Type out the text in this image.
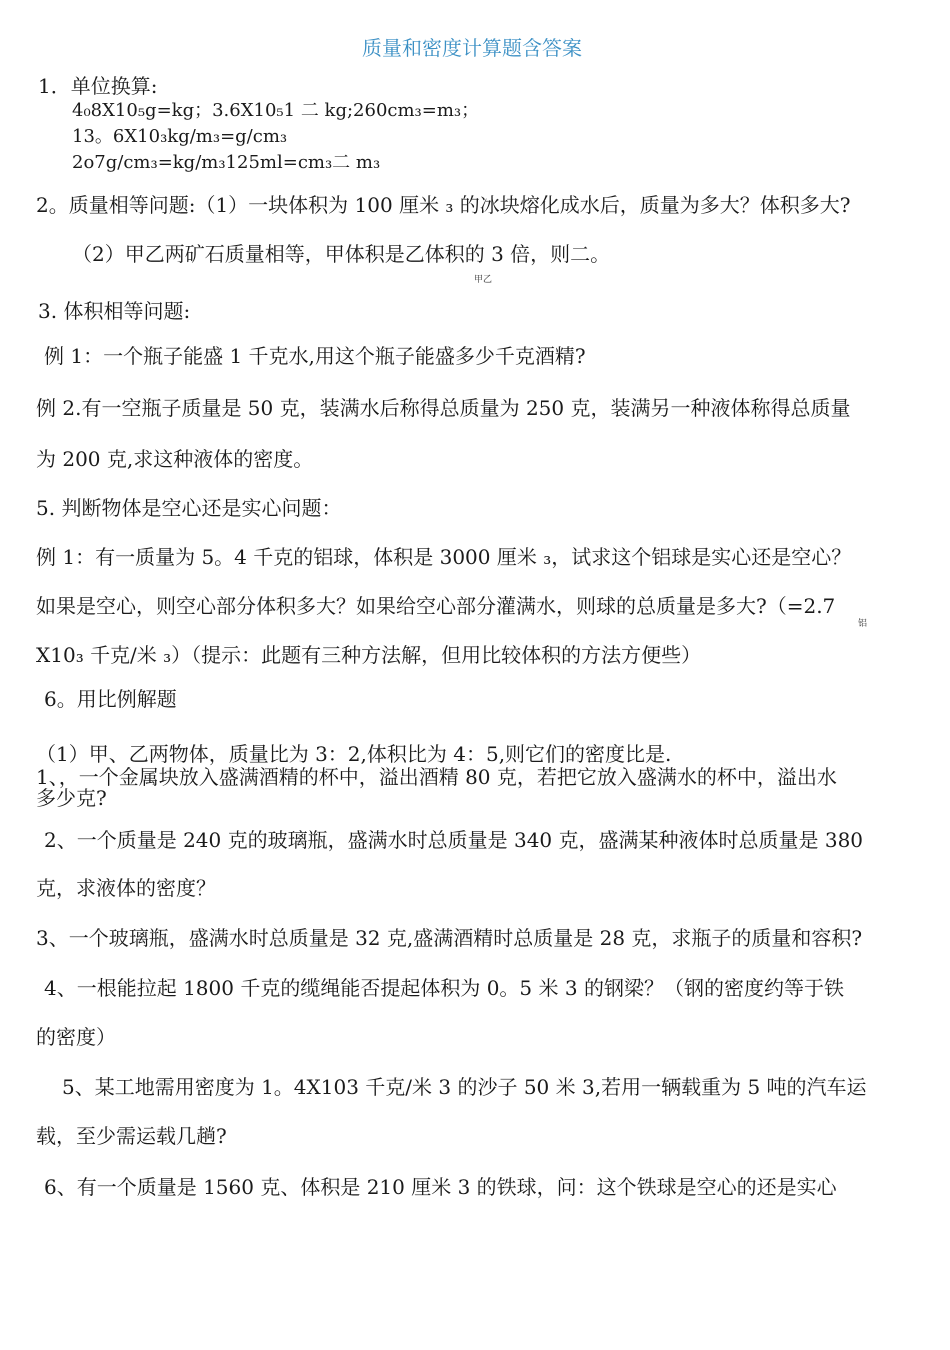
质量和密度计算题含答案
1．单位换算:
4₀8X10₅g=kg；3.6X10₅1 二 kg;260cm₃=m₃；
13。6X10₃kg/m₃=g/cm₃
2o7g/cm₃=kg/m₃125ml=cm₃二 m₃
2。质量相等问题:（1）一块体积为 100 厘米 ₃ 的冰块熔化成水后，质量为多大？体积多大?
（2）甲乙两矿石质量相等，甲体积是乙体积的 3 倍，则二。
甲乙
3. 体积相等问题:
例 1：一个瓶子能盛 1 千克水,用这个瓶子能盛多少千克酒精?
例 2.有一空瓶子质量是 50 克，装满水后称得总质量为 250 克，装满另一种液体称得总质量
为 200 克,求这种液体的密度。
5. 判断物体是空心还是实心问题：
例 1：有一质量为 5。4 千克的铝球，体积是 3000 厘米 ₃，试求这个铝球是实心还是空心？
如果是空心，则空心部分体积多大？如果给空心部分灌满水，则球的总质量是多大?（=2.7
铝
X10₃ 千克/米 ₃）（提示：此题有三种方法解，但用比较体积的方法方便些）
6。用比例解题
（1）甲、乙两物体，质量比为 3：2,体积比为 4：5,则它们的密度比是.
1、，一个金属块放入盛满酒精的杯中，溢出酒精 80 克，若把它放入盛满水的杯中，溢出水
多少克?
2、一个质量是 240 克的玻璃瓶，盛满水时总质量是 340 克，盛满某种液体时总质量是 380
克，求液体的密度？
3、一个玻璃瓶，盛满水时总质量是 32 克,盛满酒精时总质量是 28 克，求瓶子的质量和容积?
4、一根能拉起 1800 千克的缆绳能否提起体积为 0。5 米 3 的钢梁？（钢的密度约等于铁
的密度）
5、某工地需用密度为 1。4X103 千克/米 3 的沙子 50 米 3,若用一辆载重为 5 吨的汽车运
载，至少需运载几趟?
6、有一个质量是 1560 克、体积是 210 厘米 3 的铁球，问：这个铁球是空心的还是实心
